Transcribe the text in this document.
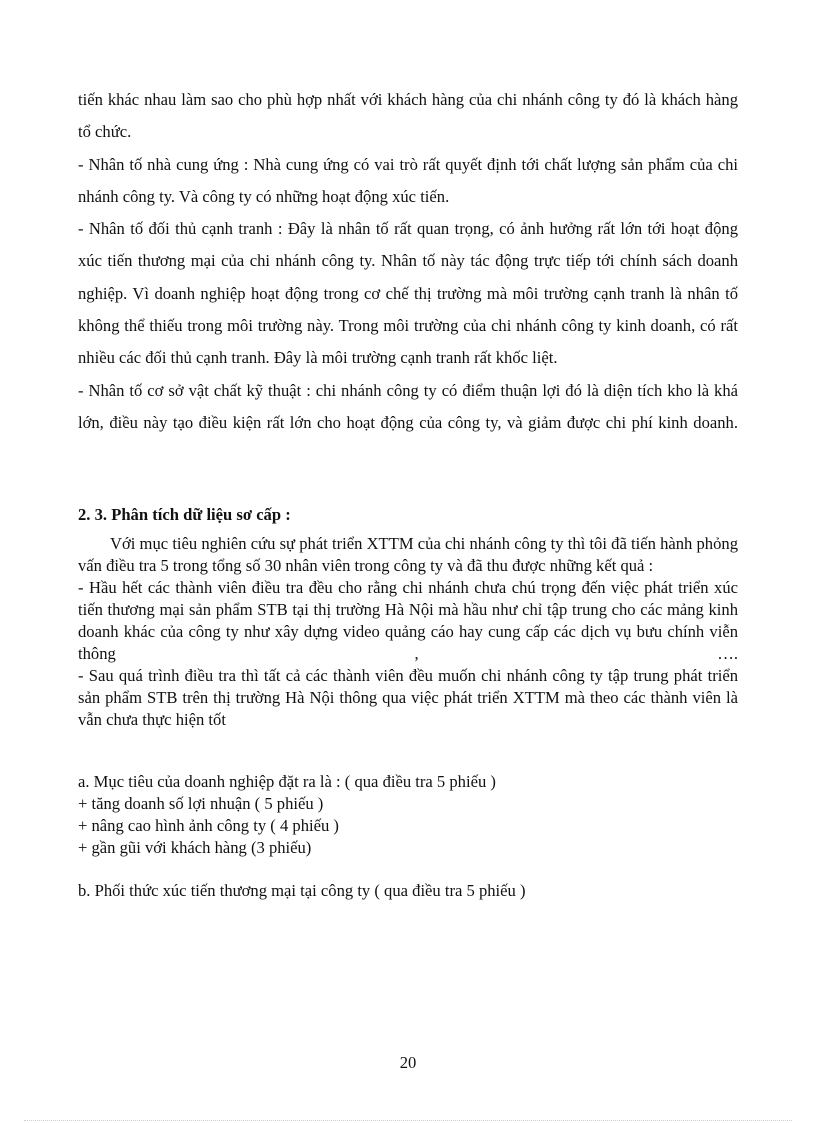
tiến khác nhau làm sao cho phù hợp nhất với khách hàng của chi nhánh công ty đó là khách hàng tổ chức.

- Nhân tố nhà cung ứng : Nhà cung ứng có vai trò rất quyết định tới chất lượng sản phẩm của chi nhánh công ty. Và công ty có những hoạt động xúc tiến.

- Nhân tố đối thủ cạnh tranh : Đây là nhân tố rất quan trọng, có ảnh hưởng rất lớn tới hoạt động xúc tiến thương mại của chi nhánh công ty. Nhân tố này tác động trực tiếp tới chính sách doanh nghiệp. Vì doanh nghiệp hoạt động trong cơ chế thị trường mà môi trường cạnh tranh là nhân tố không thể thiếu trong môi trường này. Trong môi trường của chi nhánh công ty kinh doanh, có rất nhiều các đối thủ cạnh tranh. Đây là môi trường cạnh tranh rất khốc liệt.

- Nhân tố cơ sở vật chất kỹ thuật : chi nhánh công ty có điểm thuận lợi đó là diện tích kho là khá lớn, điều này tạo điều kiện rất lớn cho hoạt động của công ty, và giảm được chi phí kinh doanh.

2. 3. Phân tích dữ liệu sơ cấp :

Với mục tiêu nghiên cứu sự phát triển XTTM của chi nhánh công ty thì tôi đã tiến hành phỏng vấn điều tra 5 trong tổng số 30 nhân viên trong công ty và đã thu được những kết quả :

- Hầu hết các thành viên điều tra đều cho rằng chi nhánh chưa chú trọng đến việc phát triển xúc tiến thương mại sản phẩm STB tại thị trường Hà Nội mà hầu như chỉ tập trung cho các mảng kinh doanh khác của công ty như xây dựng video quảng cáo hay cung cấp các dịch vụ bưu chính viễn thông , ….

- Sau quá trình điều tra thì tất cả các thành viên đều muốn chi nhánh công ty tập trung phát triển sản phẩm STB trên thị trường Hà Nội thông qua việc phát triển XTTM mà theo các thành viên là vẫn chưa thực hiện tốt

a. Mục tiêu của doanh nghiệp đặt ra là : ( qua điều tra 5 phiếu )

+ tăng doanh số lợi nhuận ( 5 phiếu )

+ nâng cao hình ảnh công ty ( 4 phiếu )

+ gần gũi với khách hàng (3 phiếu)

b. Phối thức xúc tiến thương mại tại công ty ( qua điều tra 5 phiếu )

20
